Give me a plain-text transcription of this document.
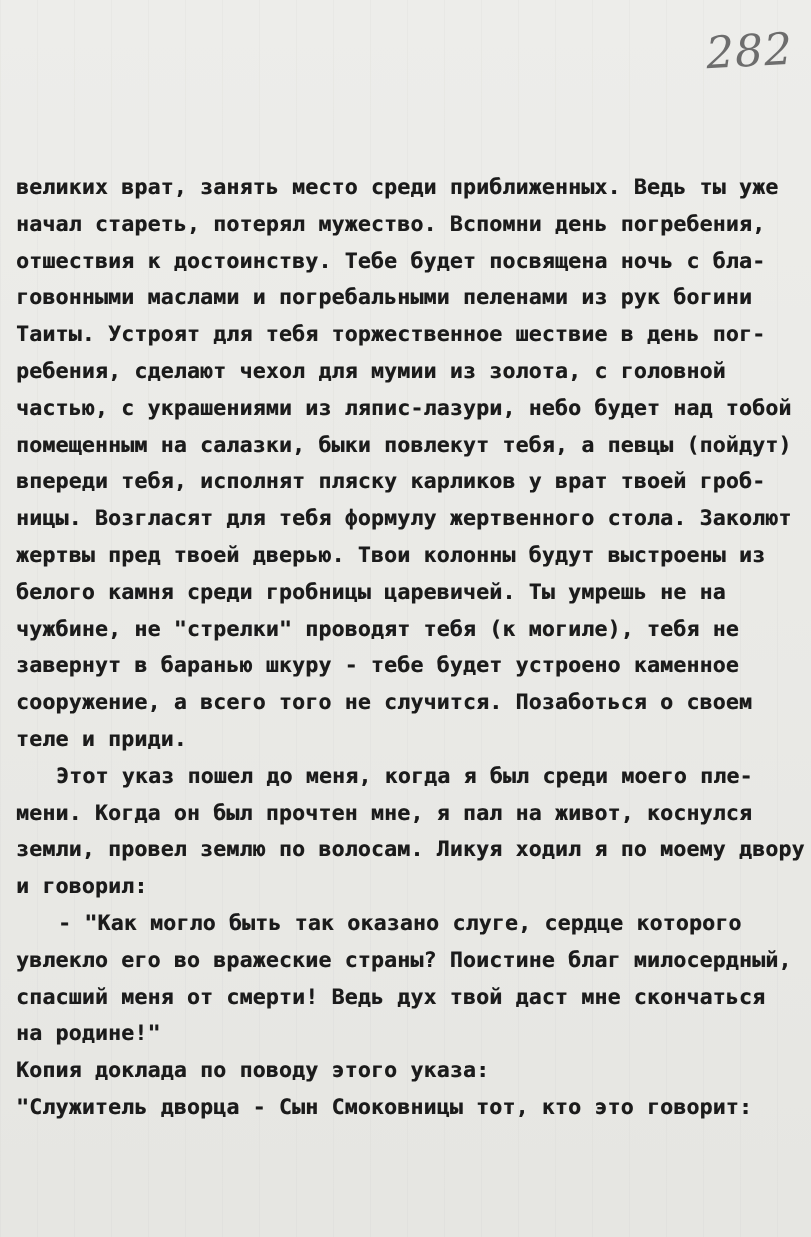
282
великих врат, занять место среди приближенных. Ведь ты уже
начал стареть, потерял мужество. Вспомни день погребения,
отшествия к достоинству. Тебе будет посвящена ночь с бла-
говонными маслами и погребальными пеленами из рук богини
Таиты. Устроят для тебя торжественное шествие в день пог-
ребения, сделают чехол для мумии из золота, с головной
частью, с украшениями из ляпис-лазури, небо будет над тобой
помещенным на салазки, быки повлекут тебя, а певцы (пойдут)
впереди тебя, исполнят пляску карликов у врат твоей гроб-
ницы. Возгласят для тебя формулу жертвенного стола. Заколют
жертвы пред твоей дверью. Твои колонны будут выстроены из
белого камня среди гробницы царевичей. Ты умрешь не на
чужбине, не "стрелки" проводят тебя (к могиле), тебя не
завернут в баранью шкуру - тебе будет устроено каменное
сооружение, а всего того не случится. Позаботься о своем
теле и приди.
Этот указ пошел до меня, когда я был среди моего пле-
мени. Когда он был прочтен мне, я пал на живот, коснулся
земли, провел землю по волосам. Ликуя ходил я по моему двору
и говорил:
- "Как могло быть так оказано слуге, сердце которого
увлекло его во вражеские страны? Поистине благ милосердный,
спасший меня от смерти! Ведь дух твой даст мне скончаться
на родине!"
Копия доклада по поводу этого указа:
"Служитель дворца - Сын Смоковницы тот, кто это говорит:
